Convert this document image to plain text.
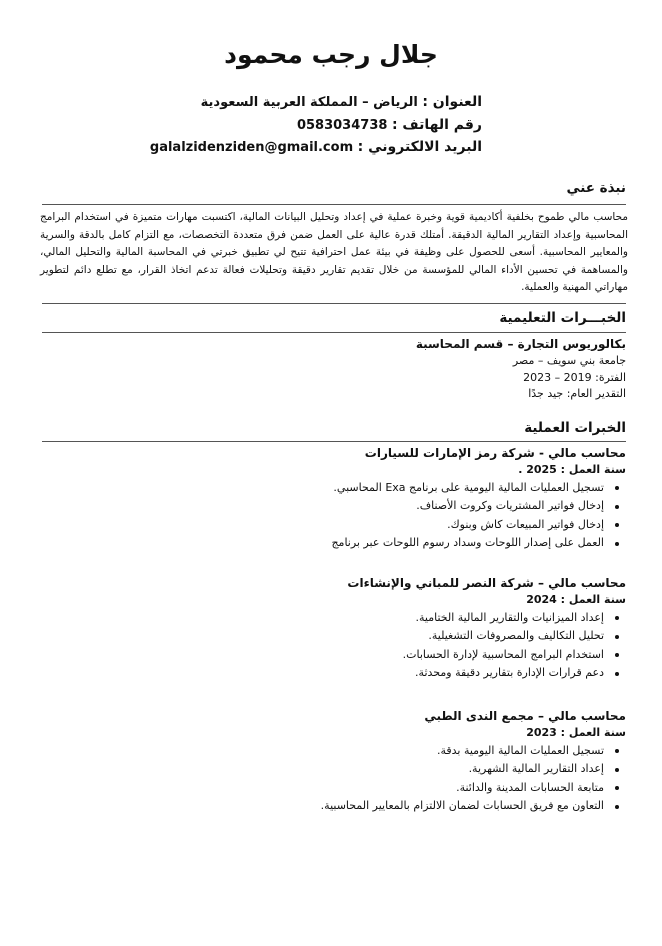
جلال رجب محمود
العنوان : الرياض – المملكة العربية السعودية
رقم الهاتف : 0583034738
البريد الالكتروني : galalzidenziden@gmail.com
نبذة عني
محاسب مالي طموح بخلفية أكاديمية قوية وخبرة عملية في إعداد وتحليل البيانات المالية، اكتسبت مهارات متميزة في استخدام البرامج المحاسبية وإعداد التقارير المالية الدقيقة. أمتلك قدرة عالية على العمل ضمن فرق متعددة التخصصات، مع التزام كامل بالدقة والسرية والمعايير المحاسبية. أسعى للحصول على وظيفة في بيئة عمل احترافية تتيح لي تطبيق خبرتي في المحاسبة المالية والتحليل المالي، والمساهمة في تحسين الأداء المالي للمؤسسة من خلال تقديم تقارير دقيقة وتحليلات فعالة تدعم اتخاذ القرار، مع تطلع دائم لتطوير مهاراتي المهنية والعملية.
الخبـــرات التعليمية
بكالوريوس التجارة – قسم المحاسبة
جامعة بني سويف – مصر
الفترة: 2019 – 2023
التقدير العام: جيد جدًا
الخبرات العملية
محاسب مالي - شركة رمز الإمارات للسيارات
سنة العمل : 2025 .
تسجيل العمليات المالية اليومية على برنامج Exa المحاسبي.
إدخال فواتير المشتريات وكروت الأصناف.
إدخال فواتير المبيعات كاش وبنوك.
العمل على إصدار اللوحات وسداد رسوم اللوحات عبر برنامج
محاسب مالي – شركة النصر للمباني والإنشاءات
سنة العمل : 2024
إعداد الميزانيات والتقارير المالية الختامية.
تحليل التكاليف والمصروفات التشغيلية.
استخدام البرامج المحاسبية لإدارة الحسابات.
دعم قرارات الإدارة بتقارير دقيقة ومحدثة.
محاسب مالي – مجمع الندى الطبي
سنة العمل : 2023
تسجيل العمليات المالية اليومية بدقة.
إعداد التقارير المالية الشهرية.
متابعة الحسابات المدينة والدائنة.
التعاون مع فريق الحسابات لضمان الالتزام بالمعايير المحاسبية.
